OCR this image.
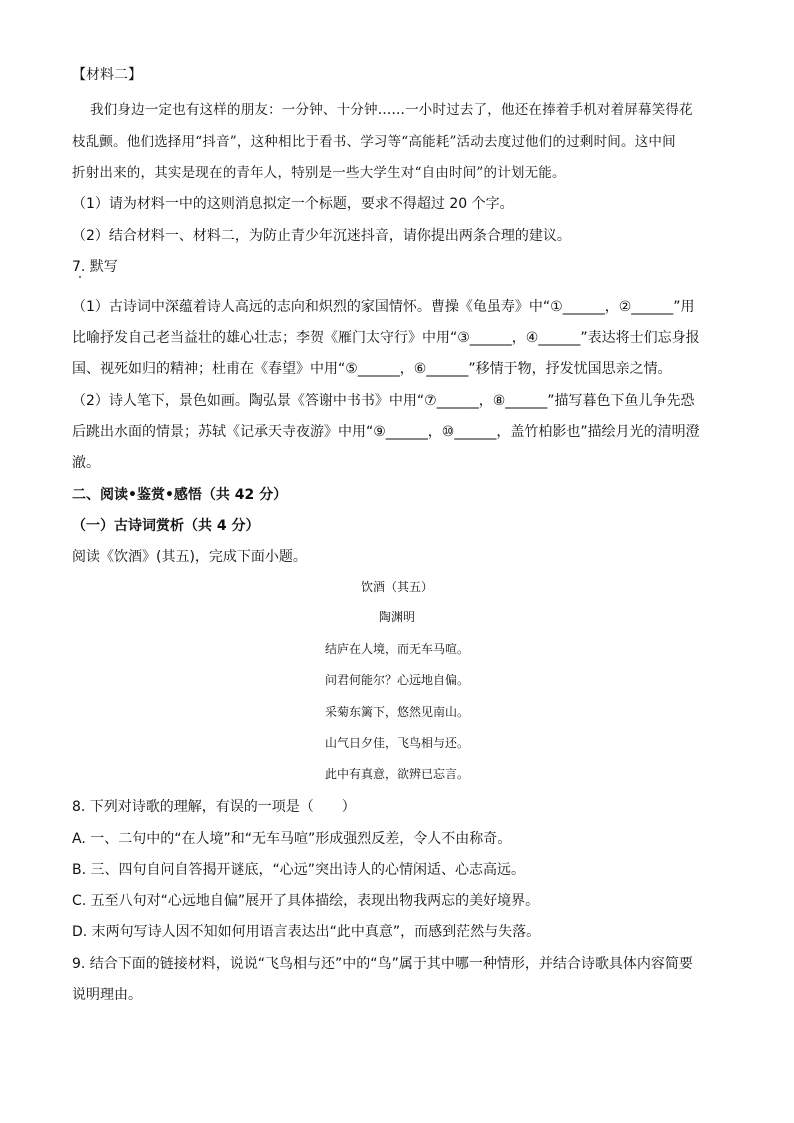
【材料二】
我们身边一定也有这样的朋友：一分钟、十分钟……一小时过去了，他还在捧着手机对着屏幕笑得花
枝乱颤。他们选择用“抖音”，这种相比于看书、学习等“高能耗”活动去度过他们的过剩时间。这中间
折射出来的，其实是现在的青年人，特别是一些大学生对“自由时间”的计划无能。
（1）请为材料一中的这则消息拟定一个标题，要求不得超过 20 个字。
（2）结合材料一、材料二，为防止青少年沉迷抖音，请你提出两条合理的建议。
7. 默写
（1）古诗词中深蕴着诗人高远的志向和炽烈的家国情怀。曹操《龟虽寿》中“①______，②______”用
比喻抒发自己老当益壮的雄心壮志；李贺《雁门太守行》中用“③______，④______”表达将士们忘身报
国、视死如归的精神；杜甫在《春望》中用“⑤______，⑥______”移情于物，抒发忧国思亲之情。
（2）诗人笔下，景色如画。陶弘景《答谢中书书》中用“⑦______，⑧______”描写暮色下鱼儿争先恐
后跳出水面的情景；苏轼《记承天寺夜游》中用“⑨______，⑩______，盖竹柏影也”描绘月光的清明澄
澈。
二、阅读•鉴赏•感悟（共 42 分）
（一）古诗词赏析（共 4 分）
阅读《饮酒》(其五)，完成下面小题。
饮酒（其五）
陶渊明
结庐在人境，而无车马喧。
问君何能尔？心远地自偏。
采菊东篱下，悠然见南山。
山气日夕佳，飞鸟相与还。
此中有真意，欲辨已忘言。
8. 下列对诗歌的理解，有误的一项是（　　）
A. 一、二句中的“在人境”和“无车马喧”形成强烈反差，令人不由称奇。
B. 三、四句自问自答揭开谜底，“心远”突出诗人的心情闲适、心志高远。
C. 五至八句对“心远地自偏”展开了具体描绘，表现出物我两忘的美好境界。
D. 末两句写诗人因不知如何用语言表达出“此中真意”，而感到茫然与失落。
9. 结合下面的链接材料，说说“飞鸟相与还”中的“鸟”属于其中哪一种情形，并结合诗歌具体内容简要
说明理由。
